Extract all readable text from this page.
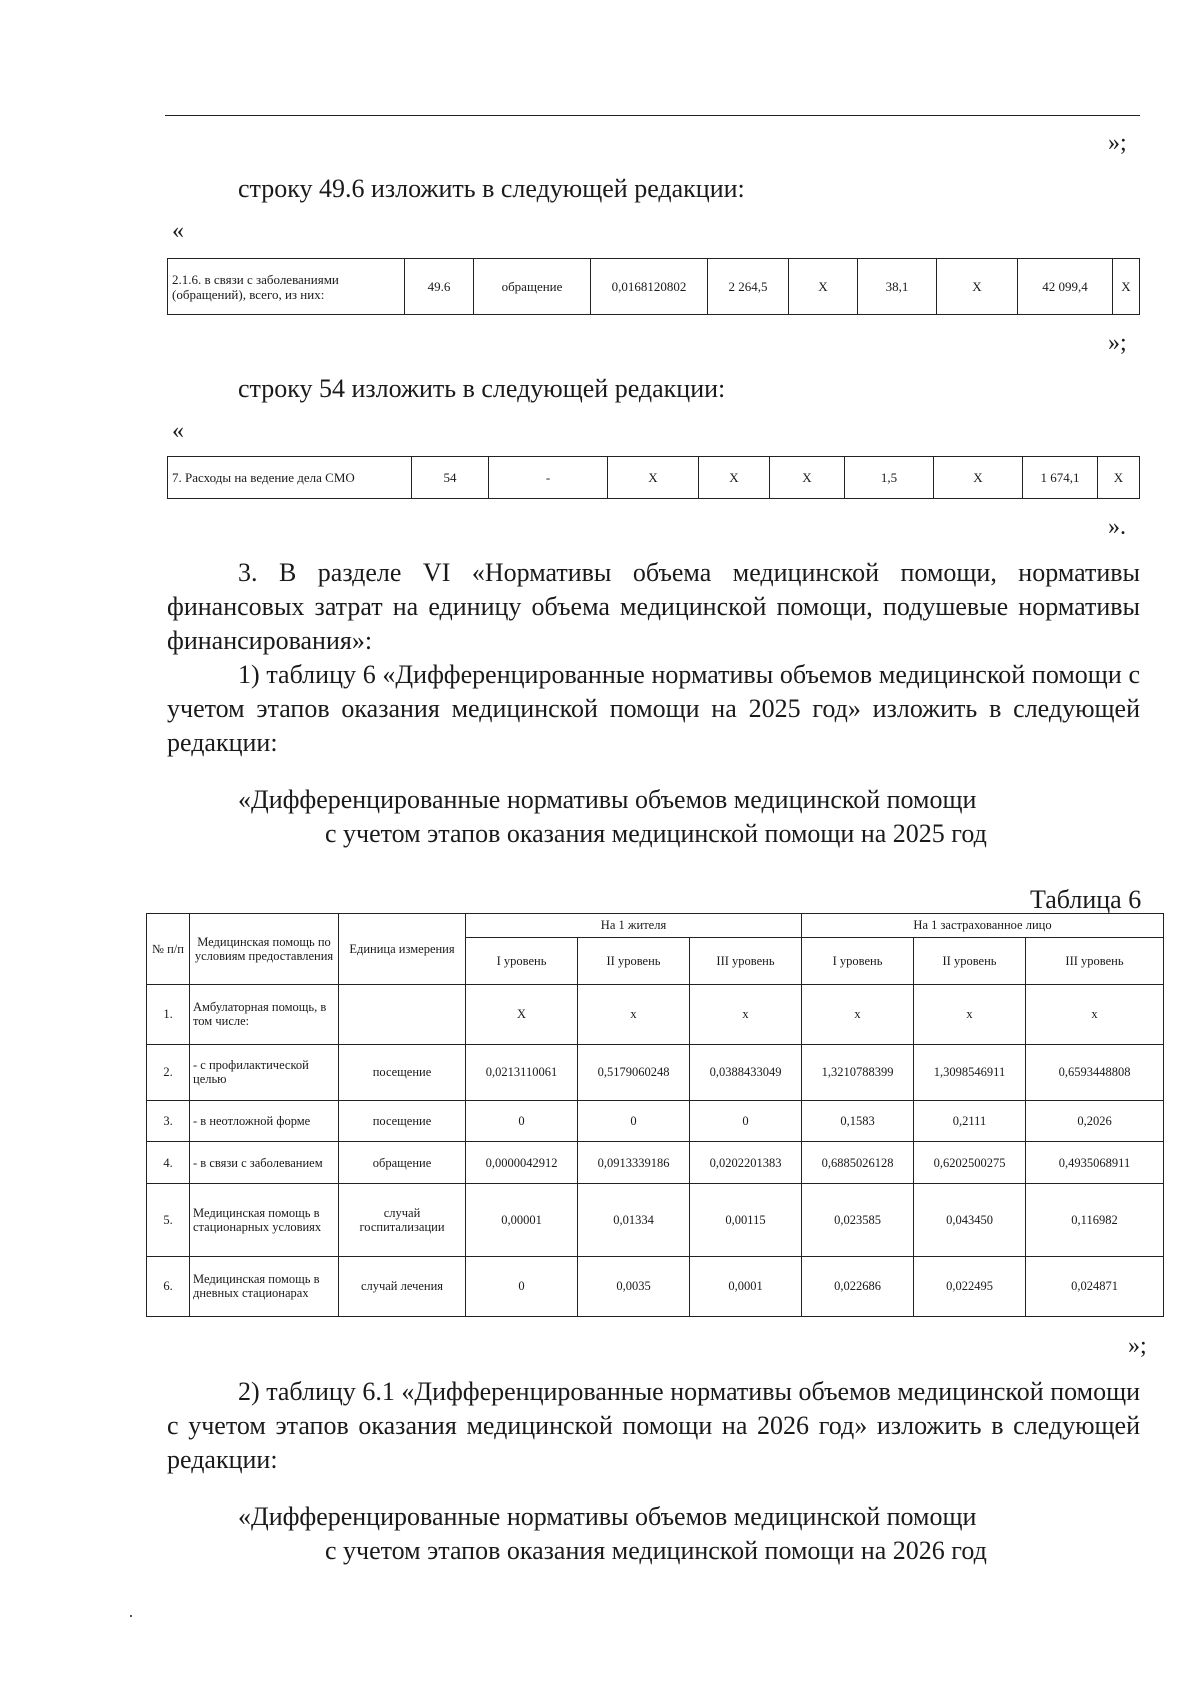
»;
строку 49.6 изложить в следующей редакции:
«
2.1.6. в связи с заболеваниями (обращений), всего, из них:	49.6	обращение	0,0168120802	2 264,5	X	38,1	X	42 099,4	X
»;
строку 54 изложить в следующей редакции:
«
7. Расходы на ведение дела СМО	54	-	X	X	X	1,5	X	1 674,1	X
».
3. В разделе VI «Нормативы объема медицинской помощи, нормативы финансовых затрат на единицу объема медицинской помощи, подушевые нормативы финансирования»:
1) таблицу 6 «Дифференцированные нормативы объемов медицинской помощи с учетом этапов оказания медицинской помощи на 2025 год» изложить в следующей редакции:
«Дифференцированные нормативы объемов медицинской помощи
с учетом этапов оказания медицинской помощи на 2025 год
Таблица 6
№ п/п	Медицинская помощь по условиям предоставления	Единица измерения	На 1 жителя			На 1 застрахованное лицо		
			I уровень	II уровень	III уровень	I уровень	II уровень	III уровень
1.	Амбулаторная помощь, в том числе:		X	x	x	x	x	x
2.	- с профилактической целью	посещение	0,0213110061	0,5179060248	0,0388433049	1,3210788399	1,3098546911	0,6593448808
3.	- в неотложной форме	посещение	0	0	0	0,1583	0,2111	0,2026
4.	- в связи с заболеванием	обращение	0,0000042912	0,0913339186	0,0202201383	0,6885026128	0,6202500275	0,4935068911
5.	Медицинская помощь в стационарных условиях	случай госпитализации	0,00001	0,01334	0,00115	0,023585	0,043450	0,116982
6.	Медицинская помощь в дневных стационарах	случай лечения	0	0,0035	0,0001	0,022686	0,022495	0,024871
»;
2) таблицу 6.1 «Дифференцированные нормативы объемов медицинской помощи с учетом этапов оказания медицинской помощи на 2026 год» изложить в следующей редакции:
«Дифференцированные нормативы объемов медицинской помощи
с учетом этапов оказания медицинской помощи на 2026 год
